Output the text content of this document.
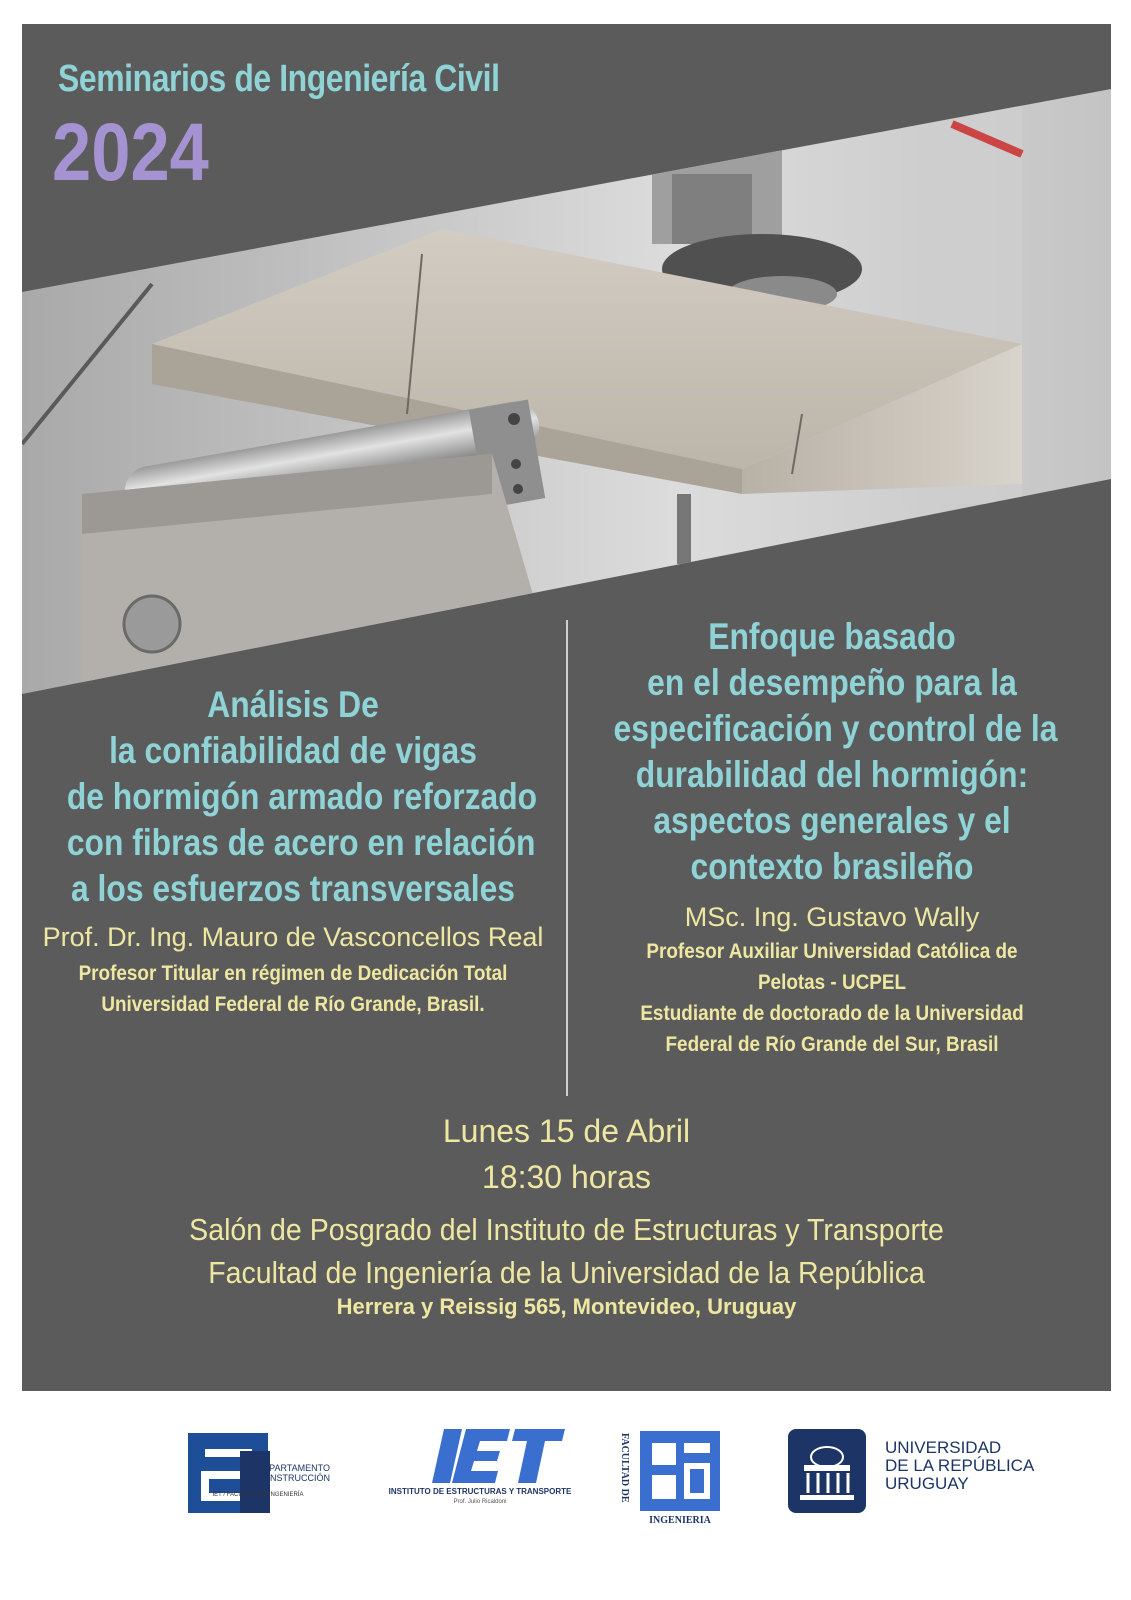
Seminarios de Ingeniería Civil
2024
Análisis De
la confiabilidad de vigas
de hormigón armado reforzado
con fibras de acero en relación
a los esfuerzos transversales

Prof. Dr. Ing. Mauro de Vasconcellos Real

Profesor Titular en régimen de Dedicación Total
Universidad Federal de Río Grande, Brasil.
Enfoque basado
en el desempeño para la
especificación y control de la
durabilidad del hormigón:
aspectos generales y el
contexto brasileño

MSc. Ing. Gustavo Wally

Profesor Auxiliar Universidad Católica de
Pelotas - UCPEL
Estudiante de doctorado de la Universidad
Federal de Río Grande del Sur, Brasil
Lunes 15 de Abril
18:30 horas
Salón de Posgrado del Instituto de Estructuras y Transporte
Facultad de Ingeniería de la Universidad de la República
Herrera y Reissig 565, Montevideo, Uruguay
DEPARTAMENTO
DE CONSTRUCCIÓN
IET / FACULTAD DE INGENIERÍA	INSTITUTO DE ESTRUCTURAS Y TRANSPORTE
Prof. Julio Ricaldoni	FACULTAD DE
INGENIERIA
UNIVERSIDAD
DE LA REPÚBLICA
URUGUAY
